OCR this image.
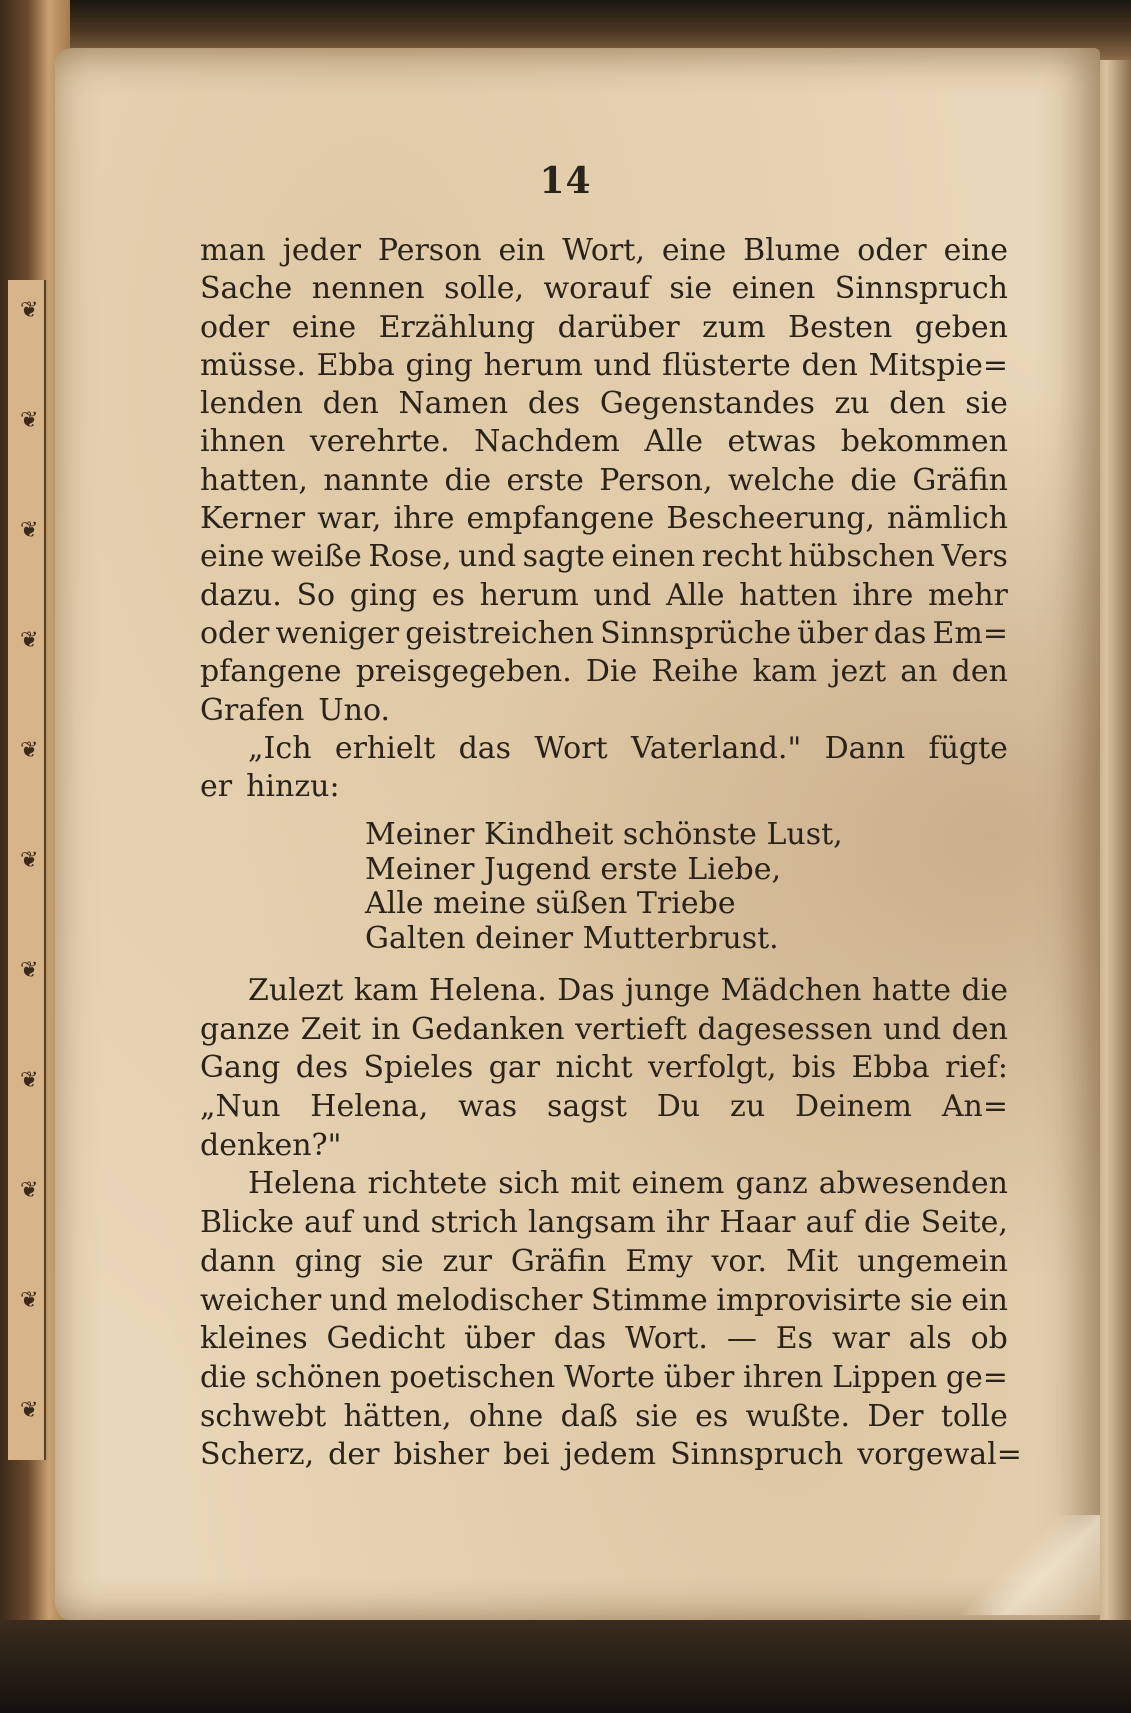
❦
❦
❦
❦
❦
❦
❦
❦
❦
❦
❦
14
man jeder Person ein Wort, eine Blume oder eine
Sache nennen solle, worauf sie einen Sinnspruch
oder eine Erzählung darüber zum Besten geben
müsse. Ebba ging herum und flüsterte den Mitspie=
lenden den Namen des Gegenstandes zu den sie
ihnen verehrte. Nachdem Alle etwas bekommen
hatten, nannte die erste Person, welche die Gräfin
Kerner war, ihre empfangene Bescheerung, nämlich
eine weiße Rose, und sagte einen recht hübschen Vers
dazu. So ging es herum und Alle hatten ihre mehr
oder weniger geistreichen Sinnsprüche über das Em=
pfangene preisgegeben. Die Reihe kam jezt an den
Grafen Uno.
„Ich erhielt das Wort Vaterland." Dann fügte
er hinzu:
Meiner Kindheit schönste Lust,
Meiner Jugend erste Liebe,
Alle meine süßen Triebe
Galten deiner Mutterbrust.
Zulezt kam Helena. Das junge Mädchen hatte die
ganze Zeit in Gedanken vertieft dagesessen und den
Gang des Spieles gar nicht verfolgt, bis Ebba rief:
„Nun Helena, was sagst Du zu Deinem An=
denken?"
Helena richtete sich mit einem ganz abwesenden
Blicke auf und strich langsam ihr Haar auf die Seite,
dann ging sie zur Gräfin Emy vor. Mit ungemein
weicher und melodischer Stimme improvisirte sie ein
kleines Gedicht über das Wort. — Es war als ob
die schönen poetischen Worte über ihren Lippen ge=
schwebt hätten, ohne daß sie es wußte. Der tolle
Scherz, der bisher bei jedem Sinnspruch vorgewal=
